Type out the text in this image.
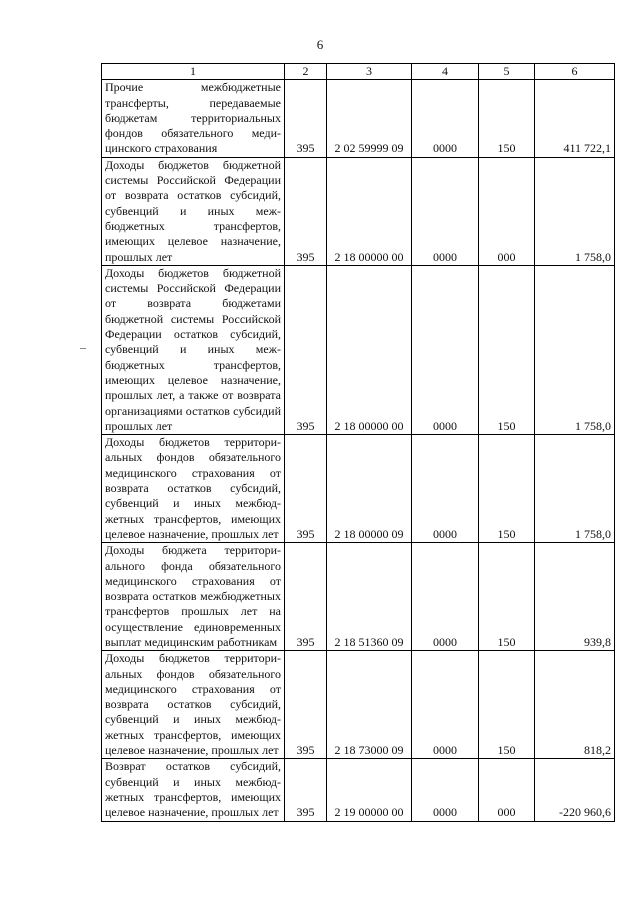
6
1	2	3	4	5	6
Прочие межбюджетные трансферты, передаваемые бюджетам территориальных фондов обязательного медицинского страхования	395	2 02 59999 09	0000	150	411 722,1
Доходы бюджетов бюджетной системы Российской Федерации от возврата остатков субсидий, субвенций и иных межбюджетных трансфертов, имеющих целевое назначение, прошлых лет	395	2 18 00000 00	0000	000	1 758,0
Доходы бюджетов бюджетной системы Российской Федерации от возврата бюджетами бюджетной системы Российской Федерации остатков субсидий, субвенций и иных межбюджетных трансфертов, имеющих целевое назначение, прошлых лет, а также от возврата организациями остатков субсидий прошлых лет	395	2 18 00000 00	0000	150	1 758,0
Доходы бюджетов территориальных фондов обязательного медицинского страхования от возврата остатков субсидий, субвенций и иных межбюджетных трансфертов, имеющих целевое назначение, прошлых лет	395	2 18 00000 09	0000	150	1 758,0
Доходы бюджета территориального фонда обязательного медицинского страхования от возврата остатков межбюджетных трансфертов прошлых лет на осуществление единовременных выплат медицинским работникам	395	2 18 51360 09	0000	150	939,8
Доходы бюджетов территориальных фондов обязательного медицинского страхования от возврата остатков субсидий, субвенций и иных межбюджетных трансфертов, имеющих целевое назначение, прошлых лет	395	2 18 73000 09	0000	150	818,2
Возврат остатков субсидий, субвенций и иных межбюджетных трансфертов, имеющих целевое назначение, прошлых лет	395	2 19 00000 00	0000	000	-220 960,6
